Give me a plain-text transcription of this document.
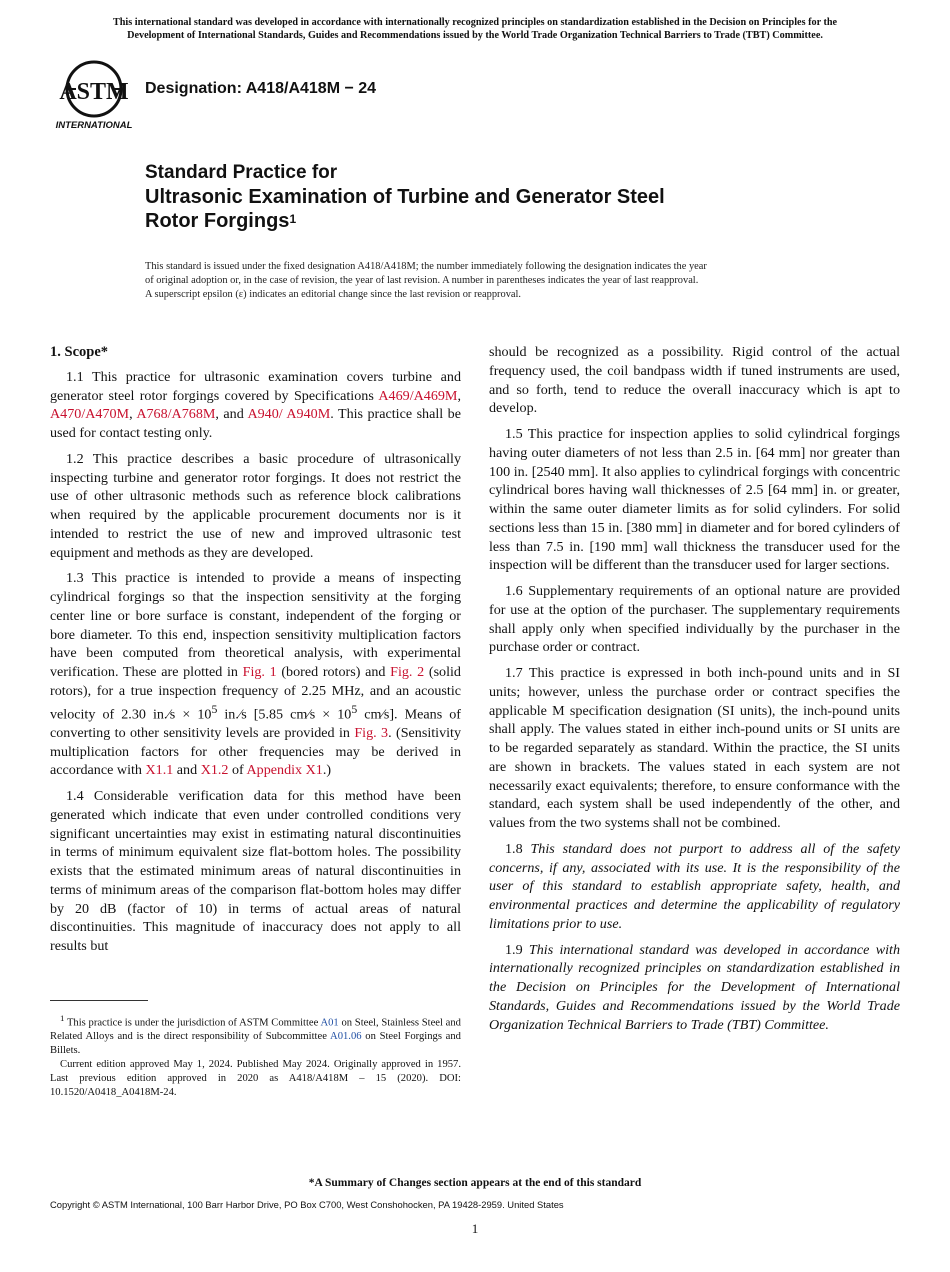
This international standard was developed in accordance with internationally recognized principles on standardization established in the Decision on Principles for the
Development of International Standards, Guides and Recommendations issued by the World Trade Organization Technical Barriers to Trade (TBT) Committee.
ASTM
INTERNATIONAL
Designation: A418/A418M − 24
Standard Practice for
Ultrasonic Examination of Turbine and Generator Steel
Rotor Forgings$^1$
This standard is issued under the fixed designation A418/A418M; the number immediately following the designation indicates the year
of original adoption or, in the case of revision, the year of last revision. A number in parentheses indicates the year of last reapproval.
A superscript epsilon (ε) indicates an editorial change since the last revision or reapproval.
1. Scope*

1.1 This practice for ultrasonic examination covers turbine and generator steel rotor forgings covered by Specifications A469/A469M, A470/A470M, A768/A768M, and A940/ A940M. This practice shall be used for contact testing only.

1.2 This practice describes a basic procedure of ultrasonically inspecting turbine and generator rotor forgings. It does not restrict the use of other ultrasonic methods such as reference block calibrations when required by the applicable procurement documents nor is it intended to restrict the use of new and improved ultrasonic test equipment and methods as they are developed.

1.3 This practice is intended to provide a means of inspecting cylindrical forgings so that the inspection sensitivity at the forging center line or bore surface is constant, independent of the forging or bore diameter. To this end, inspection sensitivity multiplication factors have been computed from theoretical analysis, with experimental verification. These are plotted in Fig. 1 (bored rotors) and Fig. 2 (solid rotors), for a true inspection frequency of 2.25 MHz, and an acoustic velocity of 2.30 in.⁄s × $10^5$ in.⁄s [5.85 cm⁄s × $10^5$ cm⁄s]. Means of converting to other sensitivity levels are provided in Fig. 3. (Sensitivity multiplication factors for other frequencies may be derived in accordance with X1.1 and X1.2 of Appendix X1.)

1.4 Considerable verification data for this method have been generated which indicate that even under controlled conditions very significant uncertainties may exist in estimating natural discontinuities in terms of minimum equivalent size flat-bottom holes. The possibility exists that the estimated minimum areas of natural discontinuities in terms of minimum areas of the comparison flat-bottom holes may differ by 20 dB (factor of 10) in terms of actual areas of natural discontinuities. This magnitude of inaccuracy does not apply to all results but

should be recognized as a possibility. Rigid control of the actual frequency used, the coil bandpass width if tuned instruments are used, and so forth, tend to reduce the overall inaccuracy which is apt to develop.

1.5 This practice for inspection applies to solid cylindrical forgings having outer diameters of not less than 2.5 in. [64 mm] nor greater than 100 in. [2540 mm]. It also applies to cylindrical forgings with concentric cylindrical bores having wall thicknesses of 2.5 [64 mm] in. or greater, within the same outer diameter limits as for solid cylinders. For solid sections less than 15 in. [380 mm] in diameter and for bored cylinders of less than 7.5 in. [190 mm] wall thickness the transducer used for the inspection will be different than the transducer used for larger sections.

1.6 Supplementary requirements of an optional nature are provided for use at the option of the purchaser. The supplementary requirements shall apply only when specified individually by the purchaser in the purchase order or contract.

1.7 This practice is expressed in both inch-pound units and in SI units; however, unless the purchase order or contract specifies the applicable M specification designation (SI units), the inch-pound units shall apply. The values stated in either inch-pound units or SI units are to be regarded separately as standard. Within the practice, the SI units are shown in brackets. The values stated in each system are not necessarily exact equivalents; therefore, to ensure conformance with the standard, each system shall be used independently of the other, and values from the two systems shall not be combined.

1.8 This standard does not purport to address all of the safety concerns, if any, associated with its use. It is the responsibility of the user of this standard to establish appropriate safety, health, and environmental practices and determine the applicability of regulatory limitations prior to use.

1.9 This international standard was developed in accordance with internationally recognized principles on standardization established in the Decision on Principles for the Development of International Standards, Guides and Recommendations issued by the World Trade Organization Technical Barriers to Trade (TBT) Committee.

$^1$ This practice is under the jurisdiction of ASTM Committee A01 on Steel, Stainless Steel and Related Alloys and is the direct responsibility of Subcommittee A01.06 on Steel Forgings and Billets.

Current edition approved May 1, 2024. Published May 2024. Originally approved in 1957. Last previous edition approved in 2020 as A418/A418M – 15 (2020). DOI: 10.1520/A0418_A0418M-24.

*A Summary of Changes section appears at the end of this standard
Copyright © ASTM International, 100 Barr Harbor Drive, PO Box C700, West Conshohocken, PA 19428-2959. United States
1
